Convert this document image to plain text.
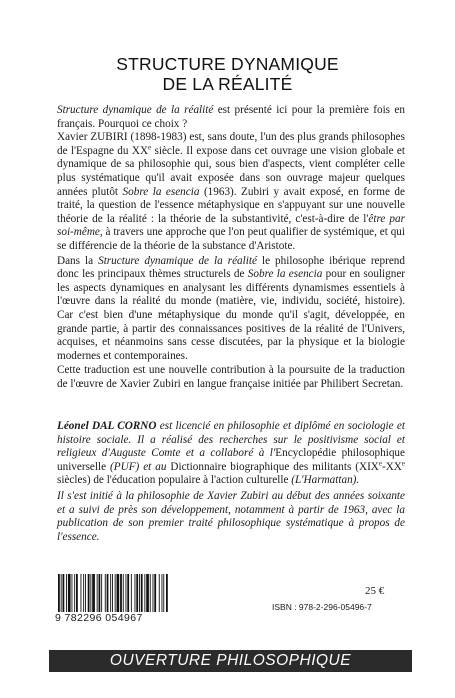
STRUCTURE DYNAMIQUE
DE LA RÉALITÉ

Structure dynamique de la réalité est présenté ici pour la première fois en français. Pourquoi ce choix ?

Xavier ZUBIRI (1898-1983) est, sans doute, l'un des plus grands philosophes de l'Espagne du XXe siècle. Il expose dans cet ouvrage une vision globale et dynamique de sa philosophie qui, sous bien d'aspects, vient compléter celle plus systématique qu'il avait exposée dans son ouvrage majeur quelques années plutôt Sobre la esencia (1963). Zubiri y avait exposé, en forme de traité, la question de l'essence métaphysique en s'appuyant sur une nouvelle théorie de la réalité : la théorie de la substantivité, c'est-à-dire de l'être par soi-même, à travers une approche que l'on peut qualifier de systémique, et qui se différencie de la théorie de la substance d'Aristote.

Dans la Structure dynamique de la réalité le philosophe ibérique reprend donc les principaux thèmes structurels de Sobre la esencia pour en souligner les aspects dynamiques en analysant les différents dynamismes essentiels à l'œuvre dans la réalité du monde (matière, vie, individu, société, histoire). Car c'est bien d'une métaphysique du monde qu'il s'agit, développée, en grande partie, à partir des connaissances positives de la réalité de l'Univers, acquises, et néanmoins sans cesse discutées, par la physique et la biologie modernes et contemporaines.

Cette traduction est une nouvelle contribution à la poursuite de la traduction de l'œuvre de Xavier Zubiri en langue française initiée par Philibert Secretan.

Léonel DAL CORNO est licencié en philosophie et diplômé en sociologie et histoire sociale. Il a réalisé des recherches sur le positivisme social et religieux d'Auguste Comte et a collaboré à l'Encyclopédie philosophique universelle (PUF) et au Dictionnaire biographique des militants (XIXe-XXe siècles) de l'éducation populaire à l'action culturelle (L'Harmattan).

Il s'est initié à la philosophie de Xavier Zubiri au début des années soixante et a suivi de près son développement, notamment à partir de 1963, avec la publication de son premier traité philosophique systématique à propos de l'essence.

9 782296 054967
25 €
ISBN : 978-2-296-05496-7
OUVERTURE PHILOSOPHIQUE
